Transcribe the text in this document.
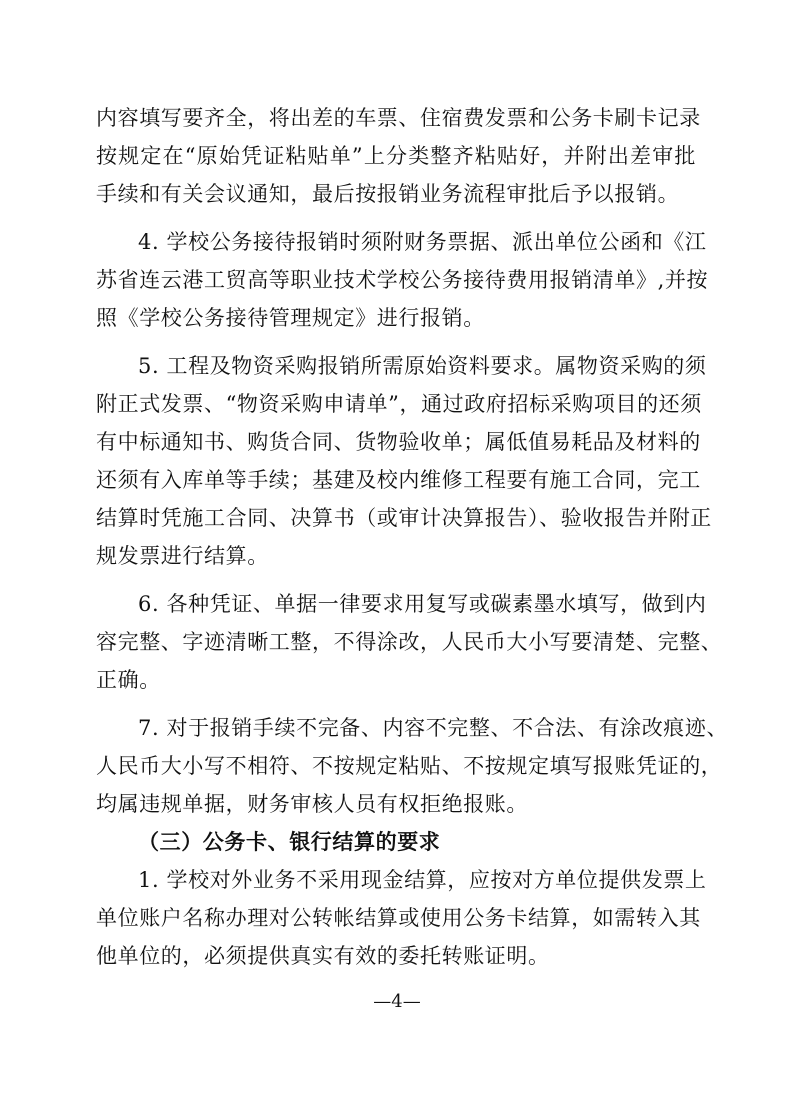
内容填写要齐全，将出差的车票、住宿费发票和公务卡刷卡记录
按规定在“原始凭证粘贴单”上分类整齐粘贴好，并附出差审批
手续和有关会议通知，最后按报销业务流程审批后予以报销。
4. 学校公务接待报销时须附财务票据、派出单位公函和《江
苏省连云港工贸高等职业技术学校公务接待费用报销清单》,并按
照《学校公务接待管理规定》进行报销。
5. 工程及物资采购报销所需原始资料要求。属物资采购的须
附正式发票、“物资采购申请单”，通过政府招标采购项目的还须
有中标通知书、购货合同、货物验收单；属低值易耗品及材料的
还须有入库单等手续；基建及校内维修工程要有施工合同，完工
结算时凭施工合同、决算书（或审计决算报告）、验收报告并附正
规发票进行结算。
6. 各种凭证、单据一律要求用复写或碳素墨水填写，做到内
容完整、字迹清晰工整，不得涂改，人民币大小写要清楚、完整、
正确。
7. 对于报销手续不完备、内容不完整、不合法、有涂改痕迹、
人民币大小写不相符、不按规定粘贴、不按规定填写报账凭证的，
均属违规单据，财务审核人员有权拒绝报账。
（三）公务卡、银行结算的要求
1. 学校对外业务不采用现金结算，应按对方单位提供发票上
单位账户名称办理对公转帐结算或使用公务卡结算，如需转入其
他单位的，必须提供真实有效的委托转账证明。
—4—
